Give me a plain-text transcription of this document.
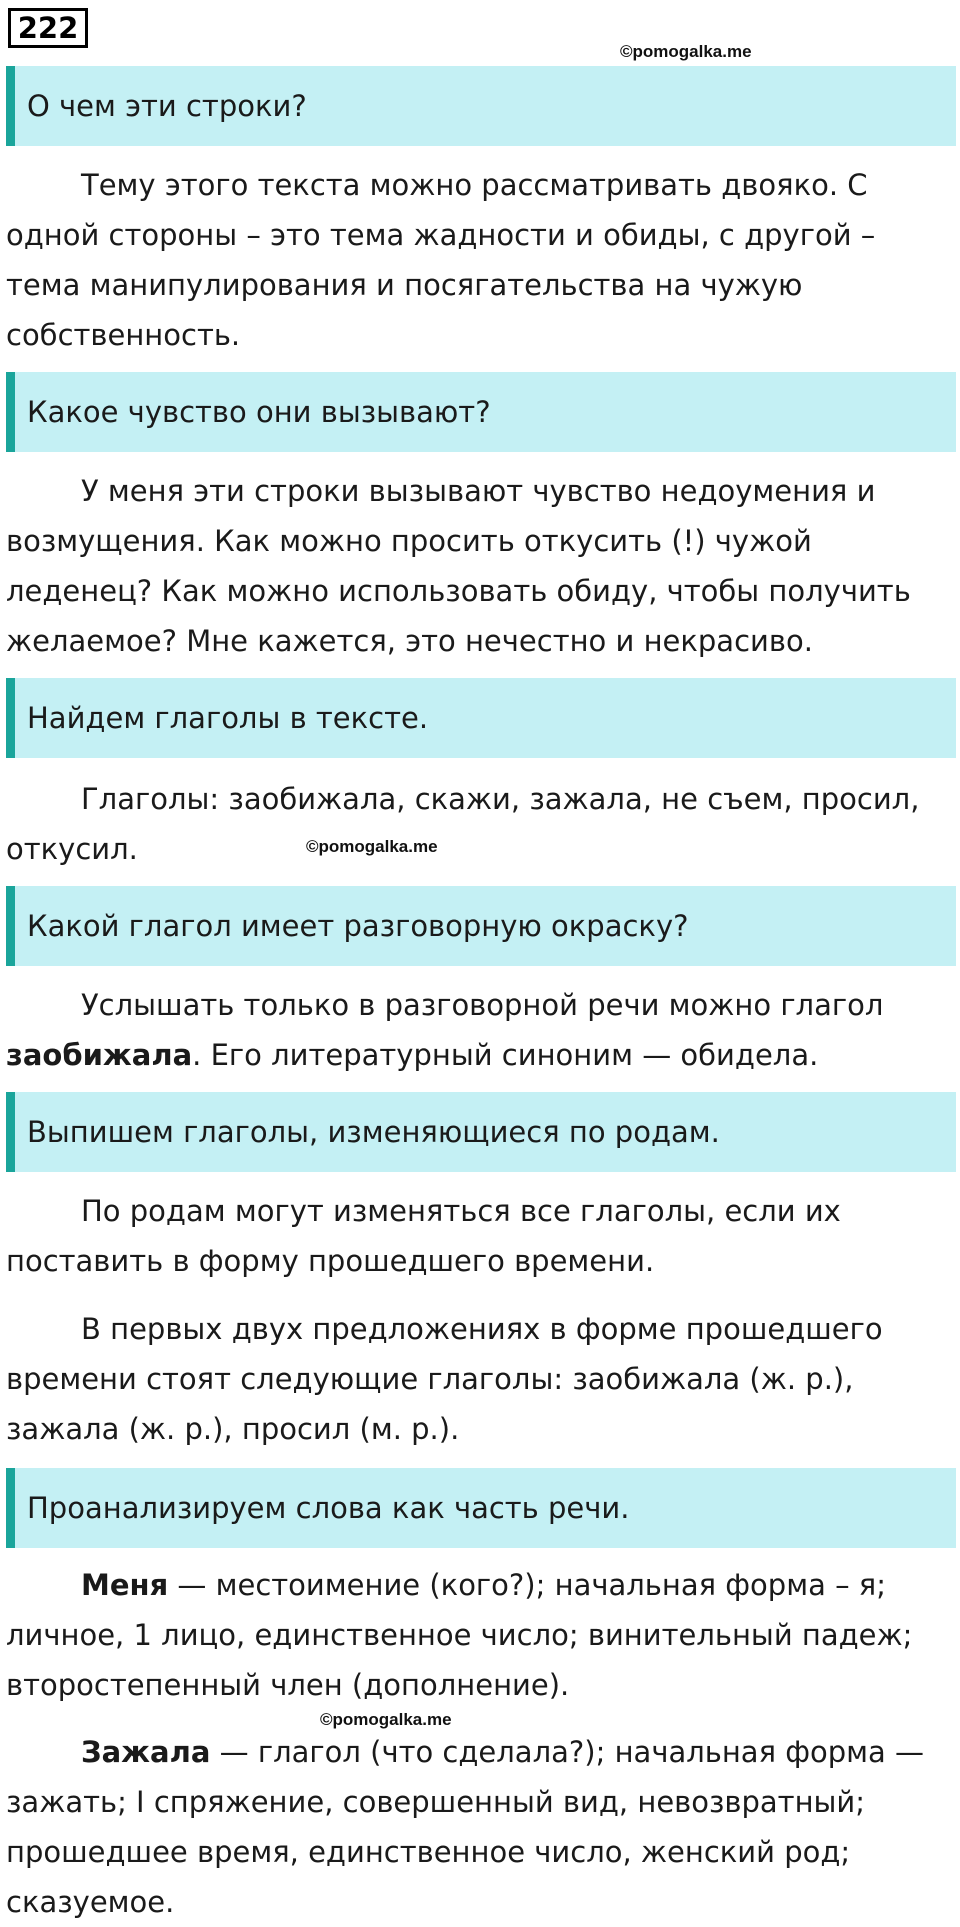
222
©pomogalka.me
О чем эти строки?

Тему этого текста можно рассматривать двояко. С одной стороны – это тема жадности и обиды, с другой – тема манипулирования и посягательства на чужую собственность.

Какое чувство они вызывают?

У меня эти строки вызывают чувство недоумения и возмущения. Как можно просить откусить (!) чужой леденец? Как можно использовать обиду, чтобы получить желаемое? Мне кажется, это нечестно и некрасиво.

Найдем глаголы в тексте.

Глаголы: заобижала, скажи, зажала, не съем, просил, откусил.	©pomogalka.me
Какой глагол имеет разговорную окраску?

Услышать только в разговорной речи можно глагол заобижала. Его литературный синоним — обидела.

Выпишем глаголы, изменяющиеся по родам.

По родам могут изменяться все глаголы, если их поставить в форму прошедшего времени.

В первых двух предложениях в форме прошедшего времени стоят следующие глаголы: заобижала (ж. р.), зажала (ж. р.), просил (м. р.).

Проанализируем слова как часть речи.

Меня — местоимение (кого?); начальная форма – я; личное, 1 лицо, единственное число; винительный падеж; второстепенный член (дополнение).

©pomogalka.me

Зажала — глагол (что сделала?); начальная форма — зажать; I спряжение, совершенный вид, невозвратный; прошедшее время, единственное число, женский род; сказуемое.
